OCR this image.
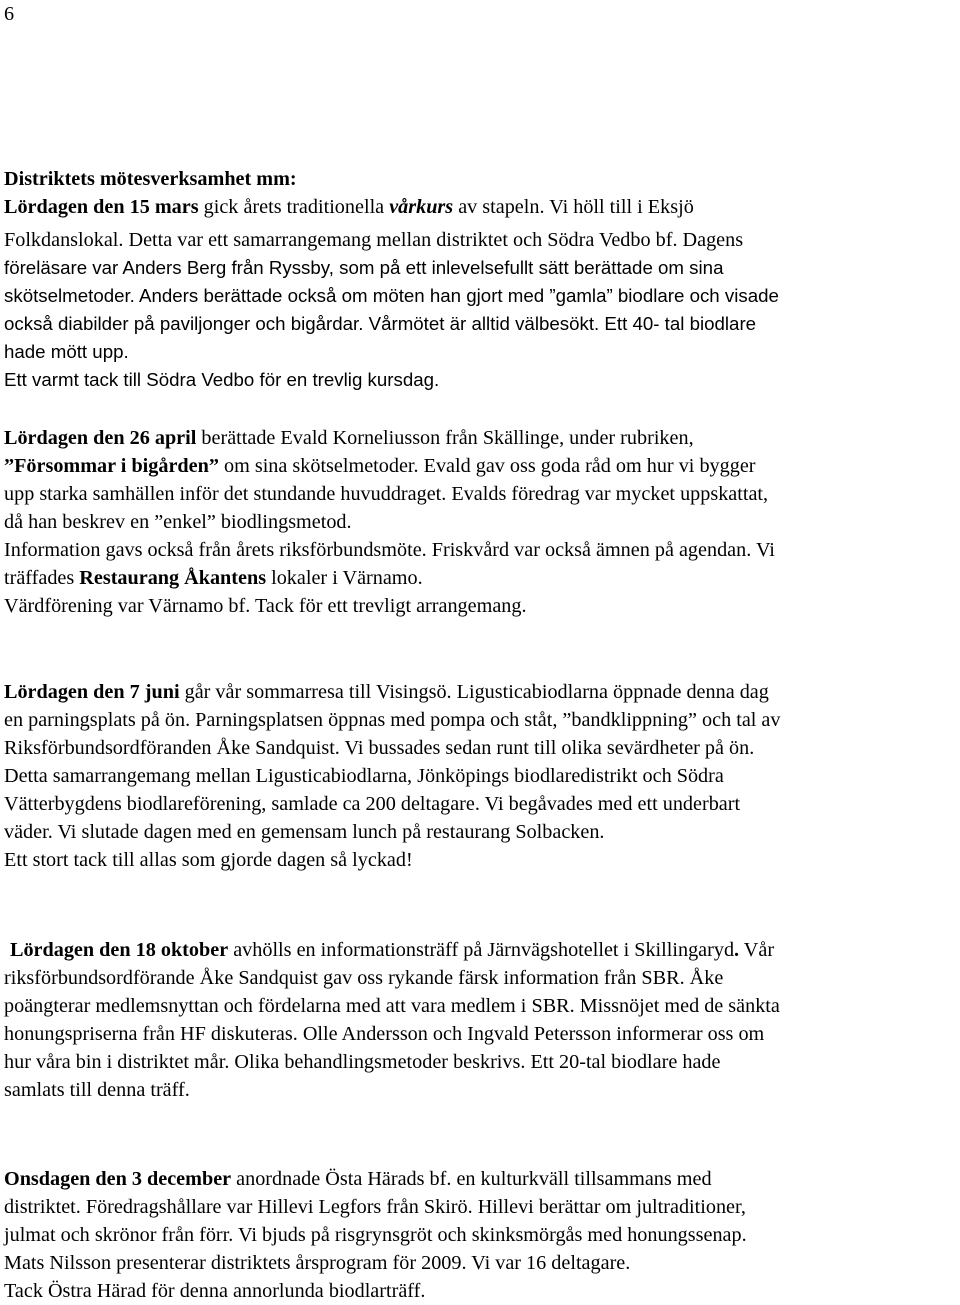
6
Distriktets mötesverksamhet mm:
Lördagen den 15 mars gick årets traditionella vårkurs av stapeln. Vi höll till i Eksjö
Folkdanslokal. Detta var ett samarrangemang mellan distriktet och Södra Vedbo bf. Dagens
föreläsare var Anders Berg från Ryssby, som på ett inlevelsefullt sätt berättade om sina
skötselmetoder. Anders berättade också om möten han gjort med ”gamla” biodlare och visade
också diabilder på paviljonger och bigårdar. Vårmötet är alltid välbesökt. Ett 40- tal biodlare
hade mött upp.
Ett varmt tack till Södra Vedbo för en trevlig kursdag.
Lördagen den 26 april berättade Evald Korneliusson från Skällinge, under rubriken,
”Försommar i bigården” om sina skötselmetoder. Evald gav oss goda råd om hur vi bygger
upp starka samhällen inför det stundande huvuddraget. Evalds föredrag var mycket uppskattat,
då han beskrev en ”enkel” biodlingsmetod.
Information gavs också från årets riksförbundsmöte. Friskvård var också ämnen på agendan. Vi
träffades Restaurang Åkantens lokaler i Värnamo.
Värdförening var Värnamo bf. Tack för ett trevligt arrangemang.
Lördagen den 7 juni går vår sommarresa till Visingsö. Ligusticabiodlarna öppnade denna dag
en parningsplats på ön. Parningsplatsen öppnas med pompa och ståt, ”bandklippning” och tal av
Riksförbundsordföranden Åke Sandquist. Vi bussades sedan runt till olika sevärdheter på ön.
Detta samarrangemang mellan Ligusticabiodlarna, Jönköpings biodlaredistrikt och Södra
Vätterbygdens biodlareförening, samlade ca 200 deltagare. Vi begåvades med ett underbart
väder. Vi slutade dagen med en gemensam lunch på restaurang Solbacken.
Ett stort tack till allas som gjorde dagen så lyckad!
Lördagen den 18 oktober avhölls en informationsträff på Järnvägshotellet i Skillingaryd. Vår
riksförbundsordförande Åke Sandquist gav oss rykande färsk information från SBR. Åke
poängterar medlemsnyttan och fördelarna med att vara medlem i SBR. Missnöjet med de sänkta
honungspriserna från HF diskuteras. Olle Andersson och Ingvald Petersson informerar oss om
hur våra bin i distriktet mår. Olika behandlingsmetoder beskrivs. Ett 20-tal biodlare hade
samlats till denna träff.
Onsdagen den 3 december anordnade Östa Härads bf. en kulturkväll tillsammans med
distriktet. Föredragshållare var Hillevi Legfors från Skirö. Hillevi berättar om jultraditioner,
julmat och skrönor från förr. Vi bjuds på risgrynsgröt och skinksmörgås med honungssenap.
Mats Nilsson presenterar distriktets årsprogram för 2009. Vi var 16 deltagare.
Tack Östra Härad för denna annorlunda biodlarträff.
